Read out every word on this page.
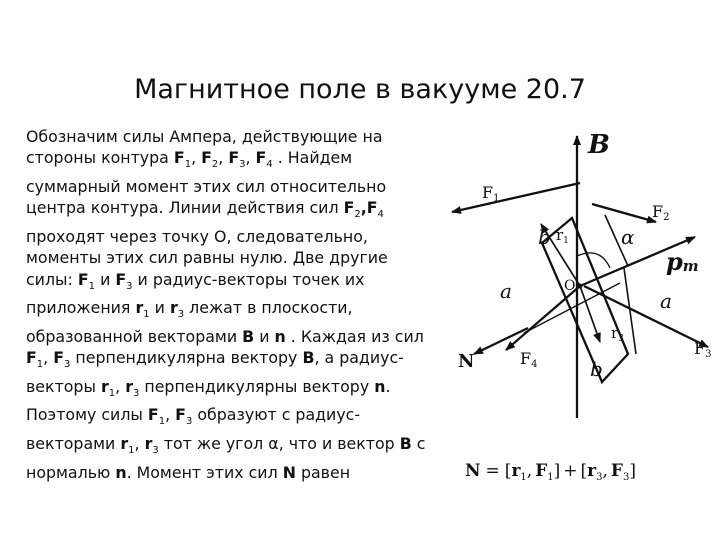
Магнитное поле в вакууме 20.7
Обозначим силы Ампера, действующие на стороны контура $F_1$, $F_2$, $F_3$, $F_4$ . Найдем суммарный момент этих сил относительно центра контура. Линии действия сил $F_2,F_4$ проходят через точку О, следовательно, моменты этих сил равны нулю. Две другие силы: $F_1$ и $F_3$ и радиус-векторы точек их приложения $r_1$ и $r_3$ лежат в плоскости, образованной векторами B и n . Каждая из сил $F_1$, $F_3$ перпендикулярна вектору B, а радиус-векторы $r_1$, $r_3$ перпендикулярны вектору n. Поэтому силы $F_1$, $F_3$ образуют с радиус-векторами $r_1$, $r_3$ тот же угол α, что и вектор B с нормалью n. Момент этих сил N равен
B
F1
F2
F3
F4
N
$r_1$
$r_3$
α
O
pm
a	a
b
b
$N = [r_1$, $F_1] + [r_3$, $F_3$]
